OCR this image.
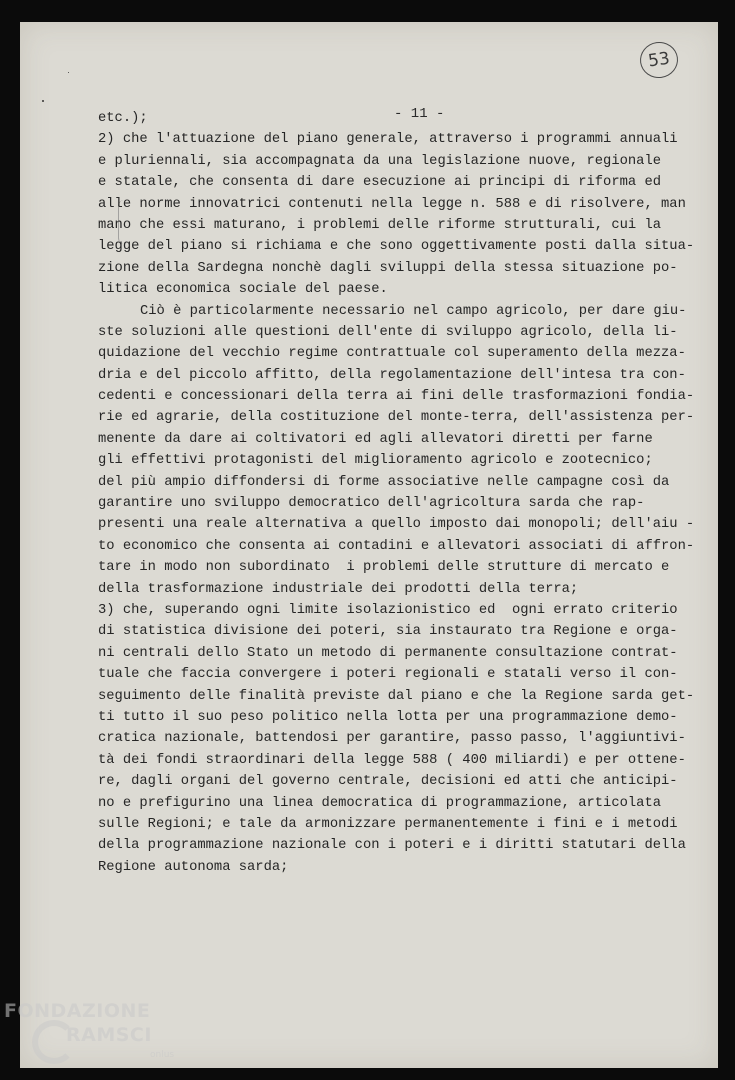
53
- 11 -
etc.);
2) che l'attuazione del piano generale, attraverso i programmi annuali
e pluriennali, sia accompagnata da una legislazione nuove, regionale
e statale, che consenta di dare esecuzione ai principi di riforma ed
alle norme innovatrici contenuti nella legge n. 588 e di risolvere, man
mano che essi maturano, i problemi delle riforme strutturali, cui la
legge del piano si richiama e che sono oggettivamente posti dalla situa-
zione della Sardegna nonchè dagli sviluppi della stessa situazione po-
litica economica sociale del paese.
Ciò è particolarmente necessario nel campo agricolo, per dare giu-
ste soluzioni alle questioni dell'ente di sviluppo agricolo, della li-
quidazione del vecchio regime contrattuale col superamento della mezza-
dria e del piccolo affitto, della regolamentazione dell'intesa tra con-
cedenti e concessionari della terra ai fini delle trasformazioni fondia-
rie ed agrarie, della costituzione del monte-terra, dell'assistenza per-
menente da dare ai coltivatori ed agli allevatori diretti per farne
gli effettivi protagonisti del miglioramento agricolo e zootecnico;
del più ampio diffondersi di forme associative nelle campagne così da
garantire uno sviluppo democratico dell'agricoltura sarda che rap-
presenti una reale alternativa a quello imposto dai monopoli; dell'aiu -
to economico che consenta ai contadini e allevatori associati di affron-
tare in modo non subordinato  i problemi delle strutture di mercato e
della trasformazione industriale dei prodotti della terra;
3) che, superando ogni limite isolazionistico ed  ogni errato criterio
di statistica divisione dei poteri, sia instaurato tra Regione e orga-
ni centrali dello Stato un metodo di permanente consultazione contrat-
tuale che faccia convergere i poteri regionali e statali verso il con-
seguimento delle finalità previste dal piano e che la Regione sarda get-
ti tutto il suo peso politico nella lotta per una programmazione demo-
cratica nazionale, battendosi per garantire, passo passo, l'aggiuntivi-
tà dei fondi straordinari della legge 588 ( 400 miliardi) e per ottene-
re, dagli organi del governo centrale, decisioni ed atti che anticipi-
no e prefigurino una linea democratica di programmazione, articolata
sulle Regioni; e tale da armonizzare permanentemente i fini e i metodi
della programmazione nazionale con i poteri e i diritti statutari della
Regione autonoma sarda;
FONDAZIONE
RAMSCI
onlus
